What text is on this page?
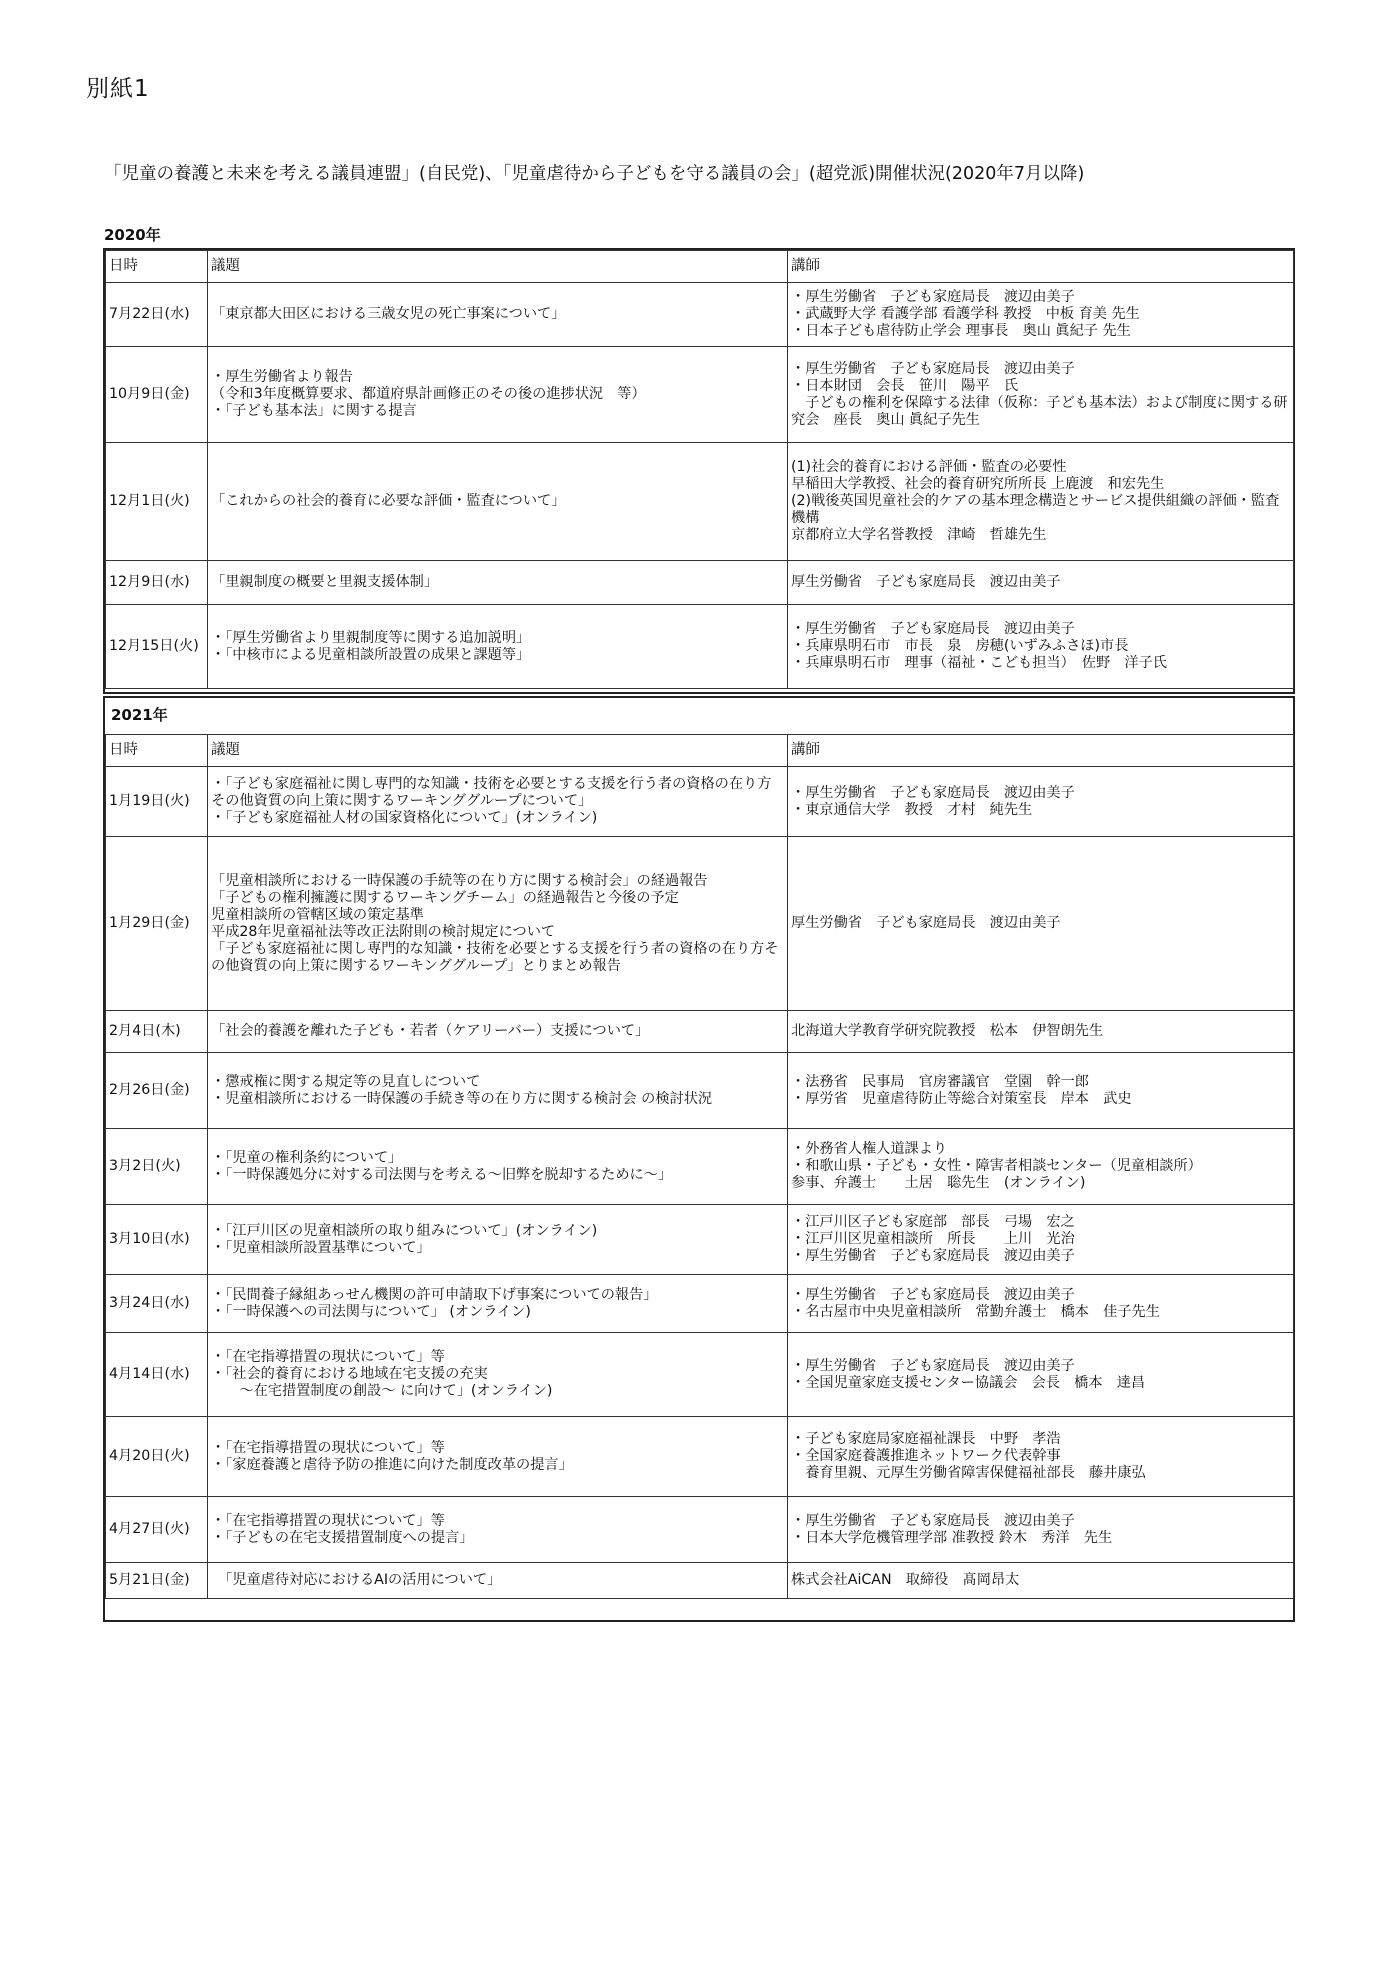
別紙1
「児童の養護と未来を考える議員連盟」(自民党)、「児童虐待から子どもを守る議員の会」(超党派)開催状況(2020年7月以降)
2020年
日時	議題	講師
7月22日(水)	「東京都大田区における三歳女児の死亡事案について」	・厚生労働省　子ども家庭局長　渡辺由美子
・武蔵野大学 看護学部 看護学科 教授　中板 育美 先生
・日本子ども虐待防止学会 理事長　奥山 眞紀子 先生
10月9日(金)	・厚生労働省より報告
（令和3年度概算要求、都道府県計画修正のその後の進捗状況　等）
・「子ども基本法」に関する提言	・厚生労働省　子ども家庭局長　渡辺由美子
・日本財団　会長　笹川　陽平　氏
　子どもの権利を保障する法律（仮称：子ども基本法）および制度に関する研究会　座長　奥山 眞紀子先生
12月1日(火)	「これからの社会的養育に必要な評価・監査について」	(1)社会的養育における評価・監査の必要性
早稲田大学教授、社会的養育研究所所長 上鹿渡　和宏先生
(2)戦後英国児童社会的ケアの基本理念構造とサービス提供組織の評価・監査機構
京都府立大学名誉教授　津崎　哲雄先生
12月9日(水)	「里親制度の概要と里親支援体制」	厚生労働省　子ども家庭局長　渡辺由美子
12月15日(火)	・「厚生労働省より里親制度等に関する追加説明」
・「中核市による児童相談所設置の成果と課題等」	・厚生労働省　子ども家庭局長　渡辺由美子
・兵庫県明石市　市長　泉　房穂(いずみふさほ)市長
・兵庫県明石市　理事（福祉・こども担当）　佐野　洋子氏
2021年
日時	議題	講師
1月19日(火)	・「子ども家庭福祉に関し専門的な知識・技術を必要とする支援を行う者の資格の在り方その他資質の向上策に関するワーキンググループについて」
・「子ども家庭福祉人材の国家資格化について」(オンライン)	・厚生労働省　子ども家庭局長　渡辺由美子
・東京通信大学　教授　才村　純先生
1月29日(金)	「児童相談所における一時保護の手続等の在り方に関する検討会」の経過報告
「子どもの権利擁護に関するワーキングチーム」の経過報告と今後の予定
児童相談所の管轄区域の策定基準
平成28年児童福祉法等改正法附則の検討規定について
「子ども家庭福祉に関し専門的な知識・技術を必要とする支援を行う者の資格の在り方その他資質の向上策に関するワーキンググループ」とりまとめ報告	厚生労働省　子ども家庭局長　渡辺由美子
2月4日(木)	「社会的養護を離れた子ども・若者（ケアリーバー）支援について」	北海道大学教育学研究院教授　松本　伊智朗先生
2月26日(金)	・懲戒権に関する規定等の見直しについて
・児童相談所における一時保護の手続き等の在り方に関する検討会 の検討状況	・法務省　民事局　官房審議官　堂園　幹一郎
・厚労省　児童虐待防止等総合対策室長　岸本　武史
3月2日(火)	・「児童の権利条約について」
・「一時保護処分に対する司法関与を考える～旧弊を脱却するために～」	・外務省人権人道課より
・和歌山県・子ども・女性・障害者相談センター（児童相談所）
参事、弁護士　　土居　聡先生　(オンライン)
3月10日(水)	・「江戸川区の児童相談所の取り組みについて」(オンライン)
・「児童相談所設置基準について」	・江戸川区子ども家庭部　部長　弓場　宏之
・江戸川区児童相談所　所長　　上川　光治
・厚生労働省　子ども家庭局長　渡辺由美子
3月24日(水)	・「民間養子縁組あっせん機関の許可申請取下げ事案についての報告」
・「一時保護への司法関与について」 (オンライン)	・厚生労働省　子ども家庭局長　渡辺由美子
・名古屋市中央児童相談所　常勤弁護士　橋本　佳子先生
4月14日(水)	・「在宅指導措置の現状について」等
・「社会的養育における地域在宅支援の充実
　　～在宅措置制度の創設～ に向けて」(オンライン)	・厚生労働省　子ども家庭局長　渡辺由美子
・全国児童家庭支援センター協議会　会長　橋本　達昌
4月20日(火)	・「在宅指導措置の現状について」等
・「家庭養護と虐待予防の推進に向けた制度改革の提言」	・子ども家庭局家庭福祉課長　中野　孝浩
・全国家庭養護推進ネットワーク代表幹事
　養育里親、元厚生労働省障害保健福祉部長　藤井康弘
4月27日(火)	・「在宅指導措置の現状について」等
・「子どもの在宅支援措置制度への提言」	・厚生労働省　子ども家庭局長　渡辺由美子
・日本大学危機管理学部 准教授 鈴木　秀洋　先生
5月21日(金)	　「児童虐待対応におけるAIの活用について」	株式会社AiCAN　取締役　髙岡昂太
